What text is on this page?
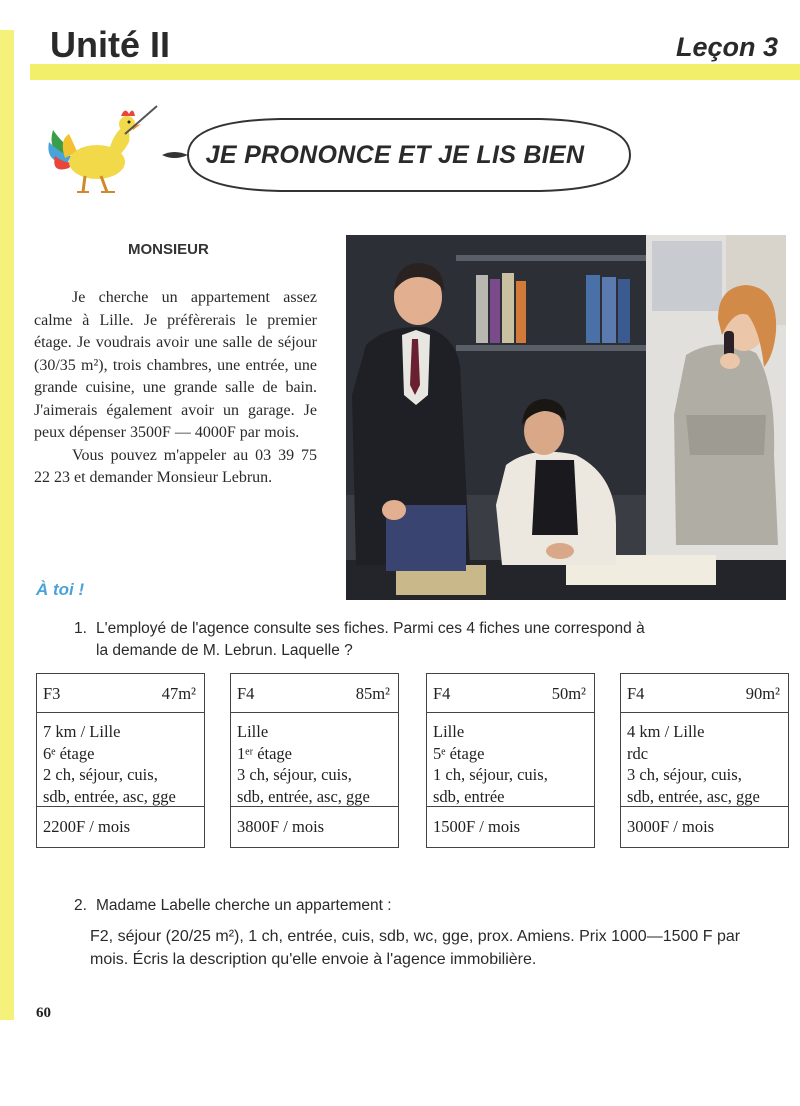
Unité II	Leçon 3

JE PRONONCE ET JE LIS BIEN

MONSIEUR

Je cherche un appartement assez calme à Lille. Je préfèrerais le premier étage. Je voudrais avoir une salle de séjour (30/35 m²), trois chambres, une entrée, une grande cuisine, une grande salle de bain. J'aimerais également avoir un garage. Je peux dépenser 3500F — 4000F par mois.

Vous pouvez m'appeler au 03 39 75 22 23 et demander Monsieur Lebrun.

À toi !
1. L'employé de l'agence consulte ses fiches. Parmi ces 4 fiches une correspond à
la demande de M. Lebrun. Laquelle ?
F3	47m²
7 km / Lille
6ᵉ étage
2 ch, séjour, cuis,
sdb, entrée, asc, gge
2200F / mois
F4	85m²
Lille
1ᵉʳ étage
3 ch, séjour, cuis,
sdb, entrée, asc, gge
3800F / mois
F4	50m²
Lille
5ᵉ étage
1 ch, séjour, cuis,
sdb, entrée
1500F / mois
F4	90m²
4 km / Lille
rdc
3 ch, séjour, cuis,
sdb, entrée, asc, gge
3000F / mois
2. Madame Labelle cherche un appartement :
F2, séjour (20/25 m²), 1 ch, entrée, cuis, sdb, wc, gge, prox. Amiens. Prix 1000—1500 F par mois. Écris la description qu'elle envoie à l'agence immobilière.

60
